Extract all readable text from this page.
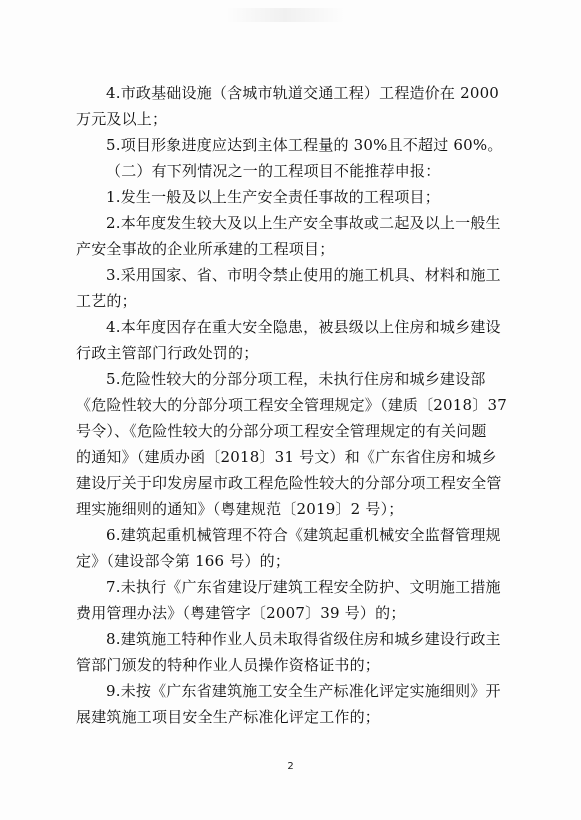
4.市政基础设施（含城市轨道交通工程）工程造价在 2000
万元及以上；
5.项目形象进度应达到主体工程量的 30%且不超过 60%。
（二）有下列情况之一的工程项目不能推荐申报：
1.发生一般及以上生产安全责任事故的工程项目；
2.本年度发生较大及以上生产安全事故或二起及以上一般生
产安全事故的企业所承建的工程项目；
3.采用国家、省、市明令禁止使用的施工机具、材料和施工
工艺的；
4.本年度因存在重大安全隐患，被县级以上住房和城乡建设
行政主管部门行政处罚的；
5.危险性较大的分部分项工程，未执行住房和城乡建设部
《危险性较大的分部分项工程安全管理规定》（建质〔2018〕37
号令）、《危险性较大的分部分项工程安全管理规定的有关问题
的通知》（建质办函〔2018〕31 号文）和《广东省住房和城乡
建设厅关于印发房屋市政工程危险性较大的分部分项工程安全管
理实施细则的通知》（粤建规范〔2019〕2 号）；
6.建筑起重机械管理不符合《建筑起重机械安全监督管理规
定》（建设部令第 166 号）的；
7.未执行《广东省建设厅建筑工程安全防护、文明施工措施
费用管理办法》（粤建管字〔2007〕39 号）的；
8.建筑施工特种作业人员未取得省级住房和城乡建设行政主
管部门颁发的特种作业人员操作资格证书的；
9.未按《广东省建筑施工安全生产标准化评定实施细则》开
展建筑施工项目安全生产标准化评定工作的；
2
